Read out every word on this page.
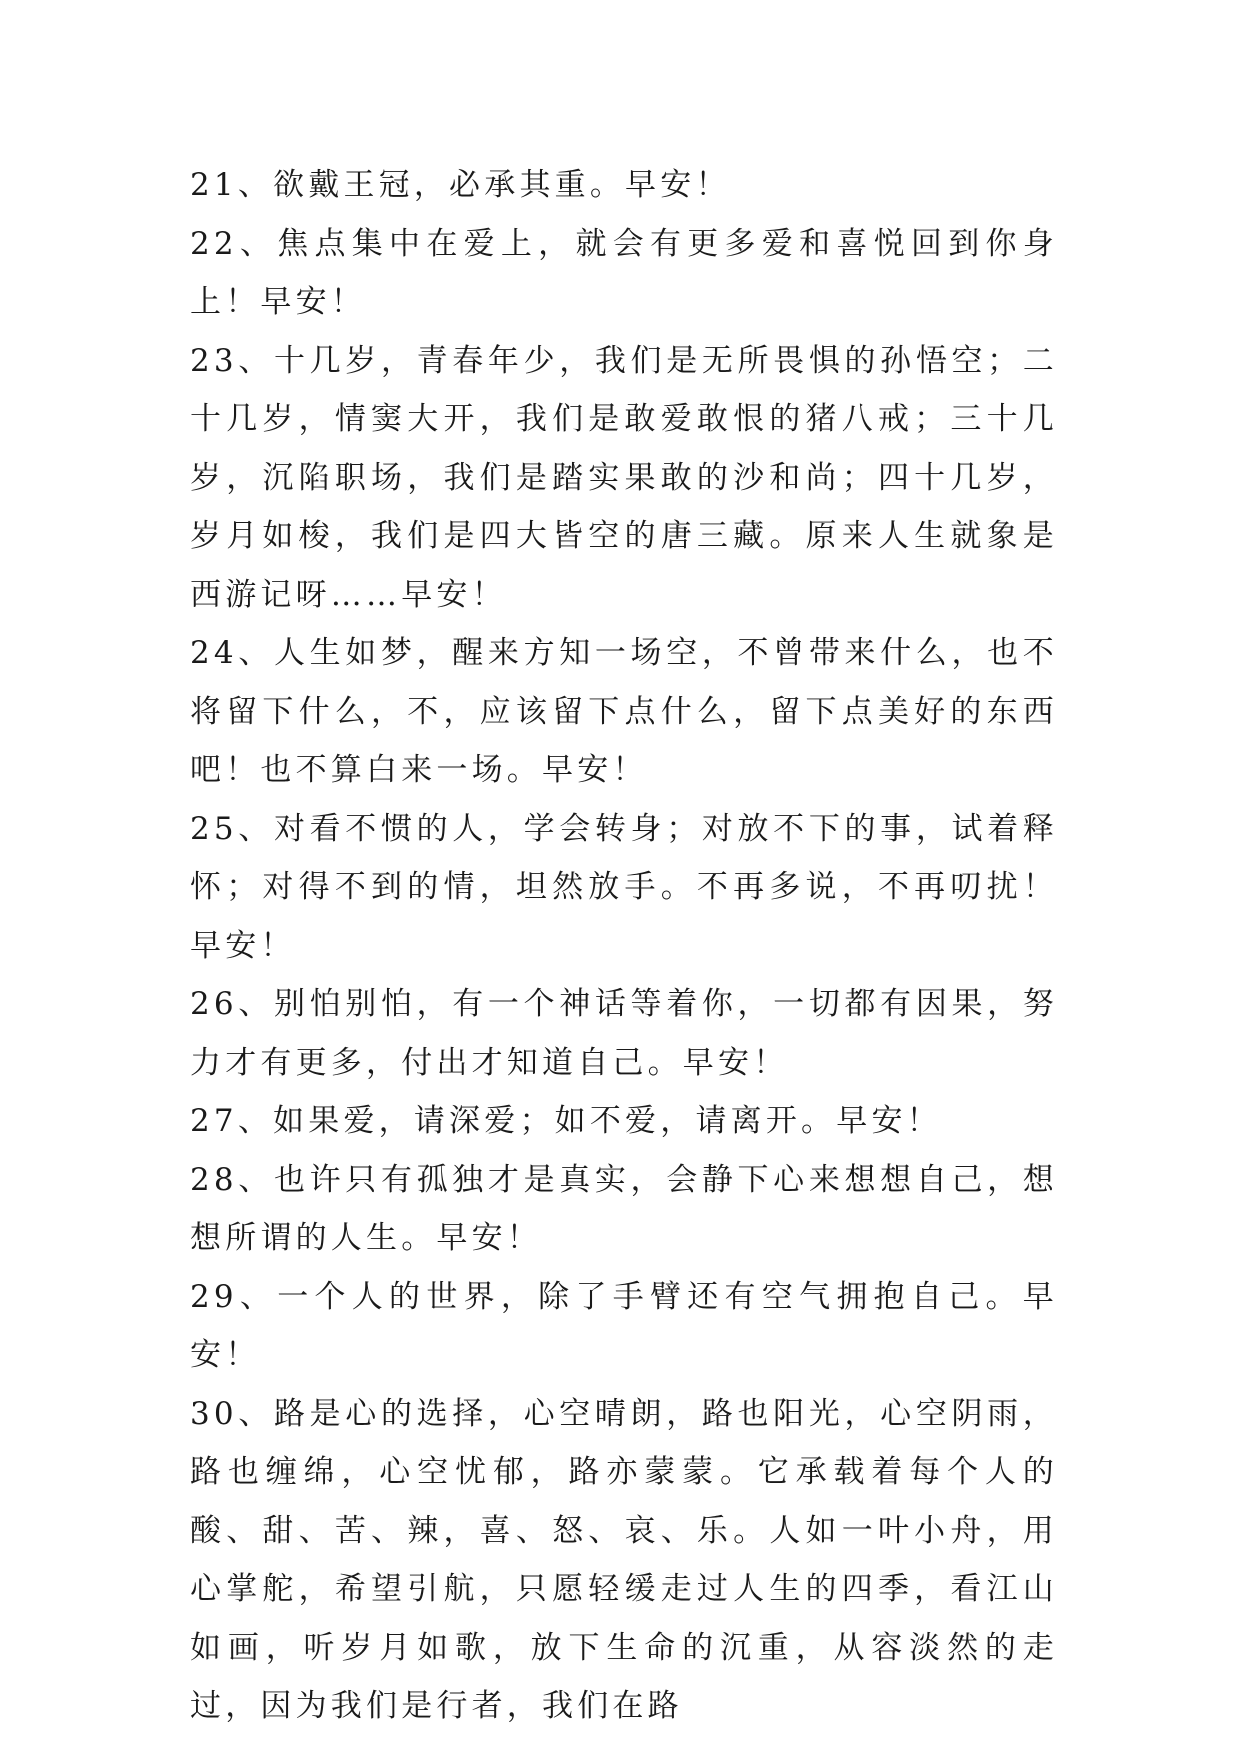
21、欲戴王冠，必承其重。早安！

22、焦点集中在爱上，就会有更多爱和喜悦回到你身上！早安！

23、十几岁，青春年少，我们是无所畏惧的孙悟空；二十几岁，情窦大开，我们是敢爱敢恨的猪八戒；三十几岁，沉陷职场，我们是踏实果敢的沙和尚；四十几岁，岁月如梭，我们是四大皆空的唐三藏。原来人生就象是西游记呀……早安！

24、人生如梦，醒来方知一场空，不曾带来什么，也不将留下什么，不，应该留下点什么，留下点美好的东西吧！也不算白来一场。早安！

25、对看不惯的人，学会转身；对放不下的事，试着释怀；对得不到的情，坦然放手。不再多说，不再叨扰！早安！

26、别怕别怕，有一个神话等着你，一切都有因果，努力才有更多，付出才知道自己。早安！

27、如果爱，请深爱；如不爱，请离开。早安！

28、也许只有孤独才是真实，会静下心来想想自己，想想所谓的人生。早安！

29、一个人的世界，除了手臂还有空气拥抱自己。早安！

30、路是心的选择，心空晴朗，路也阳光，心空阴雨，路也缠绵，心空忧郁，路亦蒙蒙。它承载着每个人的酸、甜、苦、辣，喜、怒、哀、乐。人如一叶小舟，用心掌舵，希望引航，只愿轻缓走过人生的四季，看江山如画，听岁月如歌，放下生命的沉重，从容淡然的走过，因为我们是行者，我们在路
